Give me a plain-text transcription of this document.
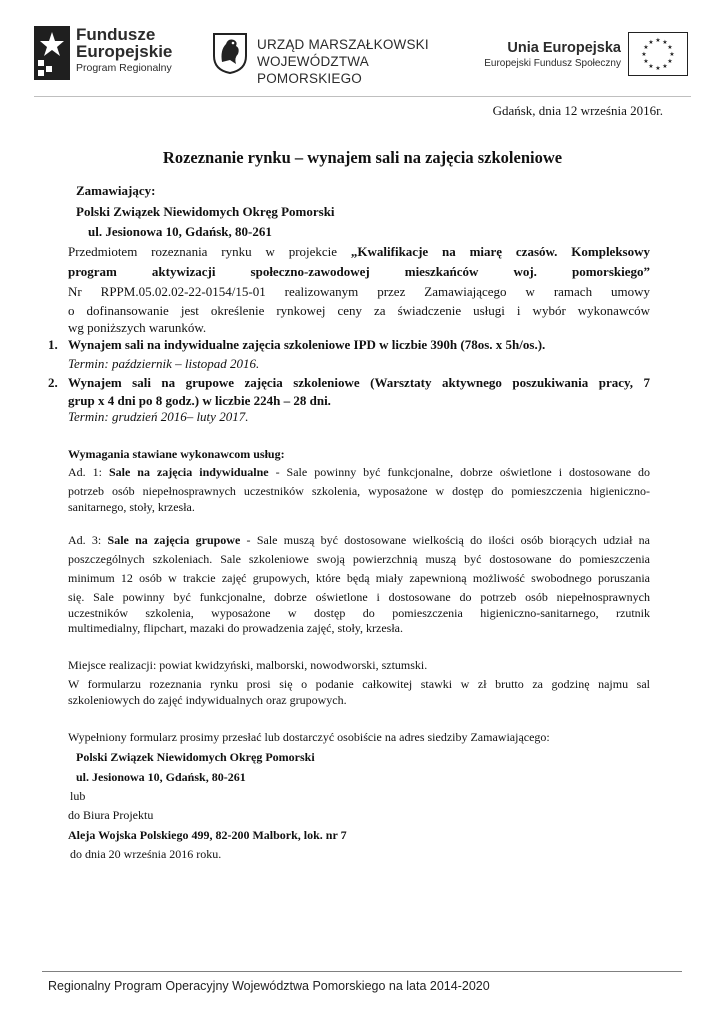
Fundusze
Europejskie
Program Regionalny
URZĄD MARSZAŁKOWSKI
WOJEWÓDZTWA POMORSKIEGO
Unia Europejska
Europejski Fundusz Społeczny
★ ★
★
★
★
★
★
★
★
★
★
★
Gdańsk, dnia 12 września 2016r.
Rozeznanie rynku – wynajem sali na zajęcia szkoleniowe
Zamawiający:
Polski Związek Niewidomych Okręg Pomorski
ul. Jesionowa 10, Gdańsk, 80-261
Przedmiotem rozeznania rynku w projekcie „Kwalifikacje na miarę czasów. Kompleksowy
program aktywizacji społeczno-zawodowej mieszkańców woj. pomorskiego”
Nr RPPM.05.02.02-22-0154/15-01 realizowanym przez Zamawiającego w ramach umowy
o dofinansowanie jest określenie rynkowej ceny za świadczenie usługi i wybór wykonawców
wg poniższych warunków.
1. Wynajem sali na indywidualne zajęcia szkoleniowe IPD w liczbie 390h (78os. x 5h/os.).
Termin: październik – listopad 2016.
2. Wynajem sali na grupowe zajęcia szkoleniowe (Warsztaty aktywnego poszukiwania pracy, 7
grup x 4 dni po 8 godz.) w liczbie 224h – 28 dni.
Termin: grudzień 2016– luty 2017.
Wymagania stawiane wykonawcom usług:
Ad. 1: Sale na zajęcia indywidualne - Sale powinny być funkcjonalne, dobrze oświetlone i dostosowane do
potrzeb osób niepełnosprawnych uczestników szkolenia, wyposażone w dostęp do pomieszczenia higieniczno-
sanitarnego, stoły, krzesła.
Ad. 3: Sale na zajęcia grupowe - Sale muszą być dostosowane wielkością do ilości osób biorących udział na
poszczególnych szkoleniach. Sale szkoleniowe swoją powierzchnią muszą być dostosowane do pomieszczenia
minimum 12 osób w trakcie zajęć grupowych, które będą miały zapewnioną możliwość swobodnego poruszania
się. Sale powinny być funkcjonalne, dobrze oświetlone i dostosowane do potrzeb osób niepełnosprawnych
uczestników szkolenia, wyposażone w dostęp do pomieszczenia higieniczno-sanitarnego, rzutnik
multimedialny, flipchart, mazaki do prowadzenia zajęć, stoły, krzesła.
Miejsce realizacji: powiat kwidzyński, malborski, nowodworski, sztumski.
W formularzu rozeznania rynku prosi się o podanie całkowitej stawki w zł brutto za godzinę najmu sal
szkoleniowych do zajęć indywidualnych oraz grupowych.
Wypełniony formularz prosimy przesłać lub dostarczyć osobiście na adres siedziby Zamawiającego:
Polski Związek Niewidomych Okręg Pomorski
ul. Jesionowa 10, Gdańsk, 80-261
lub
do Biura Projektu
Aleja Wojska Polskiego 499, 82-200 Malbork, lok. nr 7
do dnia 20 września 2016 roku.
Regionalny Program Operacyjny Województwa Pomorskiego na lata 2014-2020
